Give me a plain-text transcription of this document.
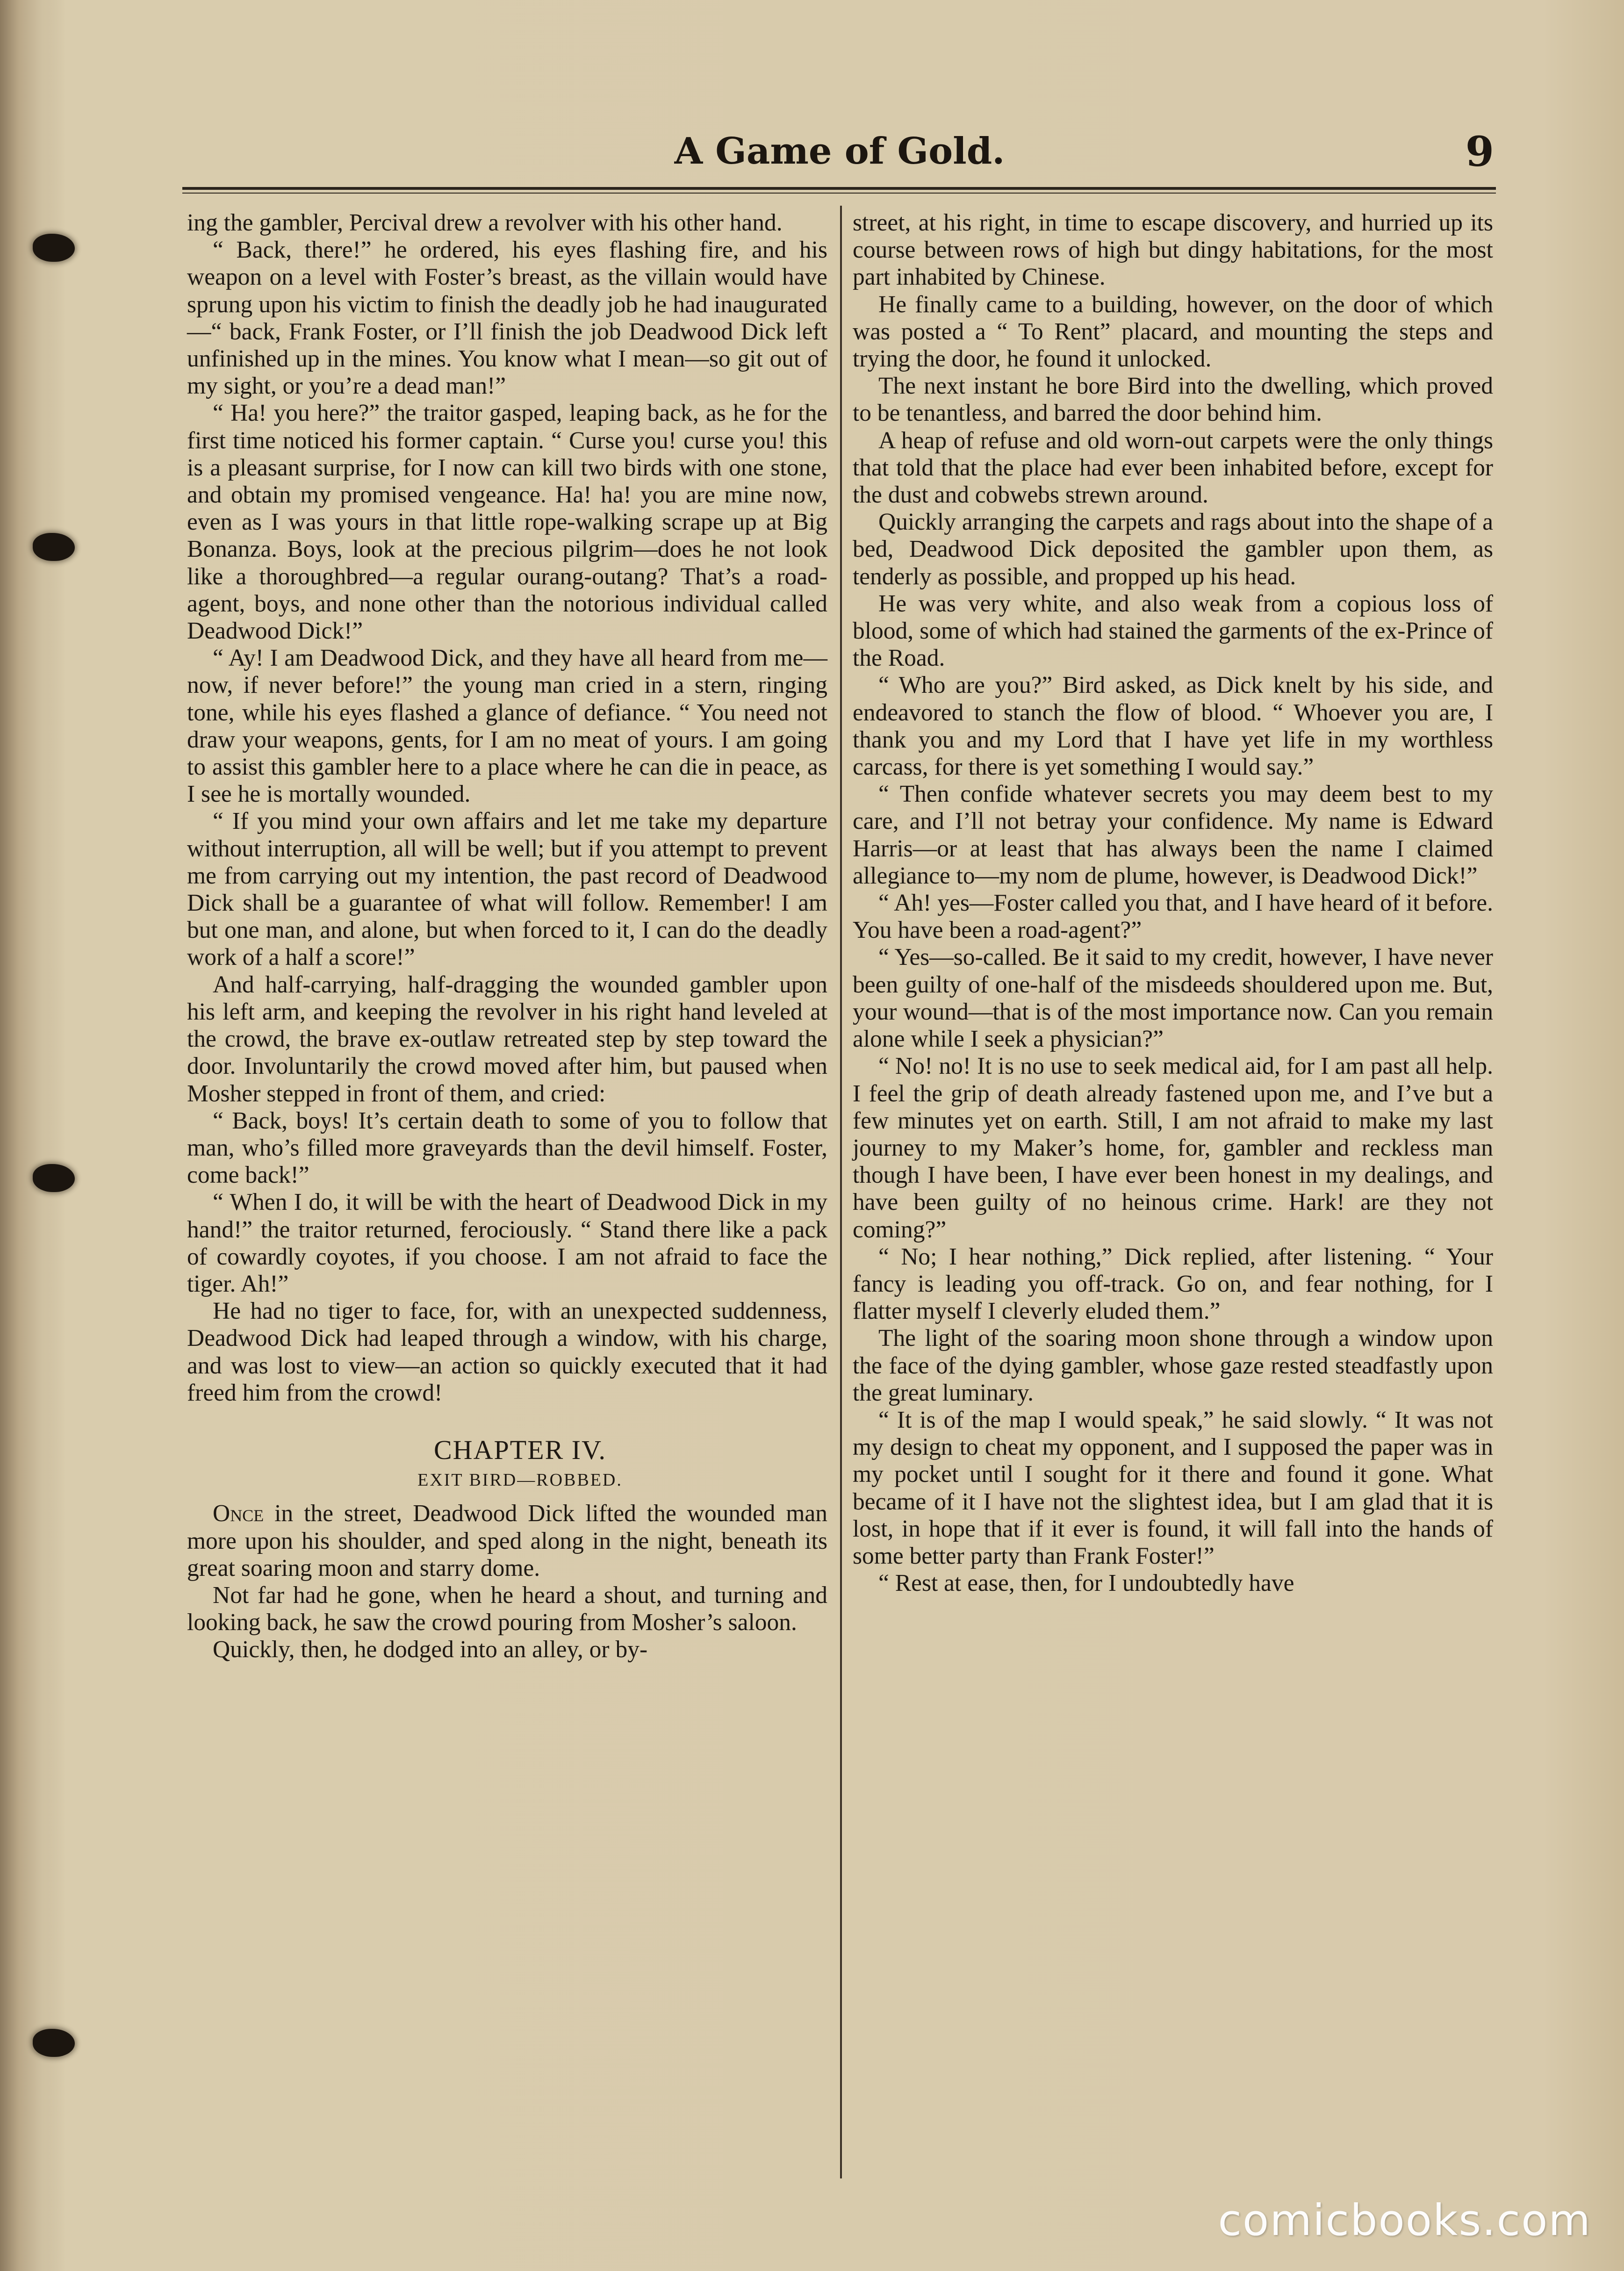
A Game of Gold.	9

ing the gambler, Percival drew a revolver with his other hand.

“ Back, there!” he ordered, his eyes flashing fire, and his weapon on a level with Foster’s breast, as the villain would have sprung upon his victim to finish the deadly job he had inaugurated—“ back, Frank Foster, or I’ll finish the job Deadwood Dick left unfinished up in the mines. You know what I mean—so git out of my sight, or you’re a dead man!”

“ Ha! you here?” the traitor gasped, leaping back, as he for the first time noticed his former captain. “ Curse you! curse you! this is a pleasant surprise, for I now can kill two birds with one stone, and obtain my promised vengeance. Ha! ha! you are mine now, even as I was yours in that little rope-walking scrape up at Big Bonanza. Boys, look at the precious pilgrim—does he not look like a thoroughbred—a regular ourang-outang? That’s a road-agent, boys, and none other than the notorious individual called Deadwood Dick!”

“ Ay! I am Deadwood Dick, and they have all heard from me—now, if never before!” the young man cried in a stern, ringing tone, while his eyes flashed a glance of defiance. “ You need not draw your weapons, gents, for I am no meat of yours. I am going to assist this gambler here to a place where he can die in peace, as I see he is mortally wounded.

“ If you mind your own affairs and let me take my departure without interruption, all will be well; but if you attempt to prevent me from carrying out my intention, the past record of Deadwood Dick shall be a guarantee of what will follow. Remember! I am but one man, and alone, but when forced to it, I can do the deadly work of a half a score!”

And half-carrying, half-dragging the wounded gambler upon his left arm, and keeping the revolver in his right hand leveled at the crowd, the brave ex-outlaw retreated step by step toward the door. Involuntarily the crowd moved after him, but paused when Mosher stepped in front of them, and cried:

“ Back, boys! It’s certain death to some of you to follow that man, who’s filled more graveyards than the devil himself. Foster, come back!”

“ When I do, it will be with the heart of Deadwood Dick in my hand!” the traitor returned, ferociously. “ Stand there like a pack of cowardly coyotes, if you choose. I am not afraid to face the tiger. Ah!”

He had no tiger to face, for, with an unexpected suddenness, Deadwood Dick had leaped through a window, with his charge, and was lost to view—an action so quickly executed that it had freed him from the crowd!

CHAPTER IV.

EXIT BIRD—ROBBED.

Once in the street, Deadwood Dick lifted the wounded man more upon his shoulder, and sped along in the night, beneath its great soaring moon and starry dome.

Not far had he gone, when he heard a shout, and turning and looking back, he saw the crowd pouring from Mosher’s saloon.

Quickly, then, he dodged into an alley, or by-

street, at his right, in time to escape discovery, and hurried up its course between rows of high but dingy habitations, for the most part inhabited by Chinese.

He finally came to a building, however, on the door of which was posted a “ To Rent” placard, and mounting the steps and trying the door, he found it unlocked.

The next instant he bore Bird into the dwelling, which proved to be tenantless, and barred the door behind him.

A heap of refuse and old worn-out carpets were the only things that told that the place had ever been inhabited before, except for the dust and cobwebs strewn around.

Quickly arranging the carpets and rags about into the shape of a bed, Deadwood Dick deposited the gambler upon them, as tenderly as possible, and propped up his head.

He was very white, and also weak from a copious loss of blood, some of which had stained the garments of the ex-Prince of the Road.

“ Who are you?” Bird asked, as Dick knelt by his side, and endeavored to stanch the flow of blood. “ Whoever you are, I thank you and my Lord that I have yet life in my worthless carcass, for there is yet something I would say.”

“ Then confide whatever secrets you may deem best to my care, and I’ll not betray your confidence. My name is Edward Harris—or at least that has always been the name I claimed allegiance to—my nom de plume, however, is Deadwood Dick!”

“ Ah! yes—Foster called you that, and I have heard of it before. You have been a road-agent?”

“ Yes—so-called. Be it said to my credit, however, I have never been guilty of one-half of the misdeeds shouldered upon me. But, your wound—that is of the most importance now. Can you remain alone while I seek a physician?”

“ No! no! It is no use to seek medical aid, for I am past all help. I feel the grip of death already fastened upon me, and I’ve but a few minutes yet on earth. Still, I am not afraid to make my last journey to my Maker’s home, for, gambler and reckless man though I have been, I have ever been honest in my dealings, and have been guilty of no heinous crime. Hark! are they not coming?”

“ No; I hear nothing,” Dick replied, after listening. “ Your fancy is leading you off-track. Go on, and fear nothing, for I flatter myself I cleverly eluded them.”

The light of the soaring moon shone through a window upon the face of the dying gambler, whose gaze rested steadfastly upon the great luminary.

“ It is of the map I would speak,” he said slowly. “ It was not my design to cheat my opponent, and I supposed the paper was in my pocket until I sought for it there and found it gone. What became of it I have not the slightest idea, but I am glad that it is lost, in hope that if it ever is found, it will fall into the hands of some better party than Frank Foster!”

“ Rest at ease, then, for I undoubtedly have

comicbooks.com
